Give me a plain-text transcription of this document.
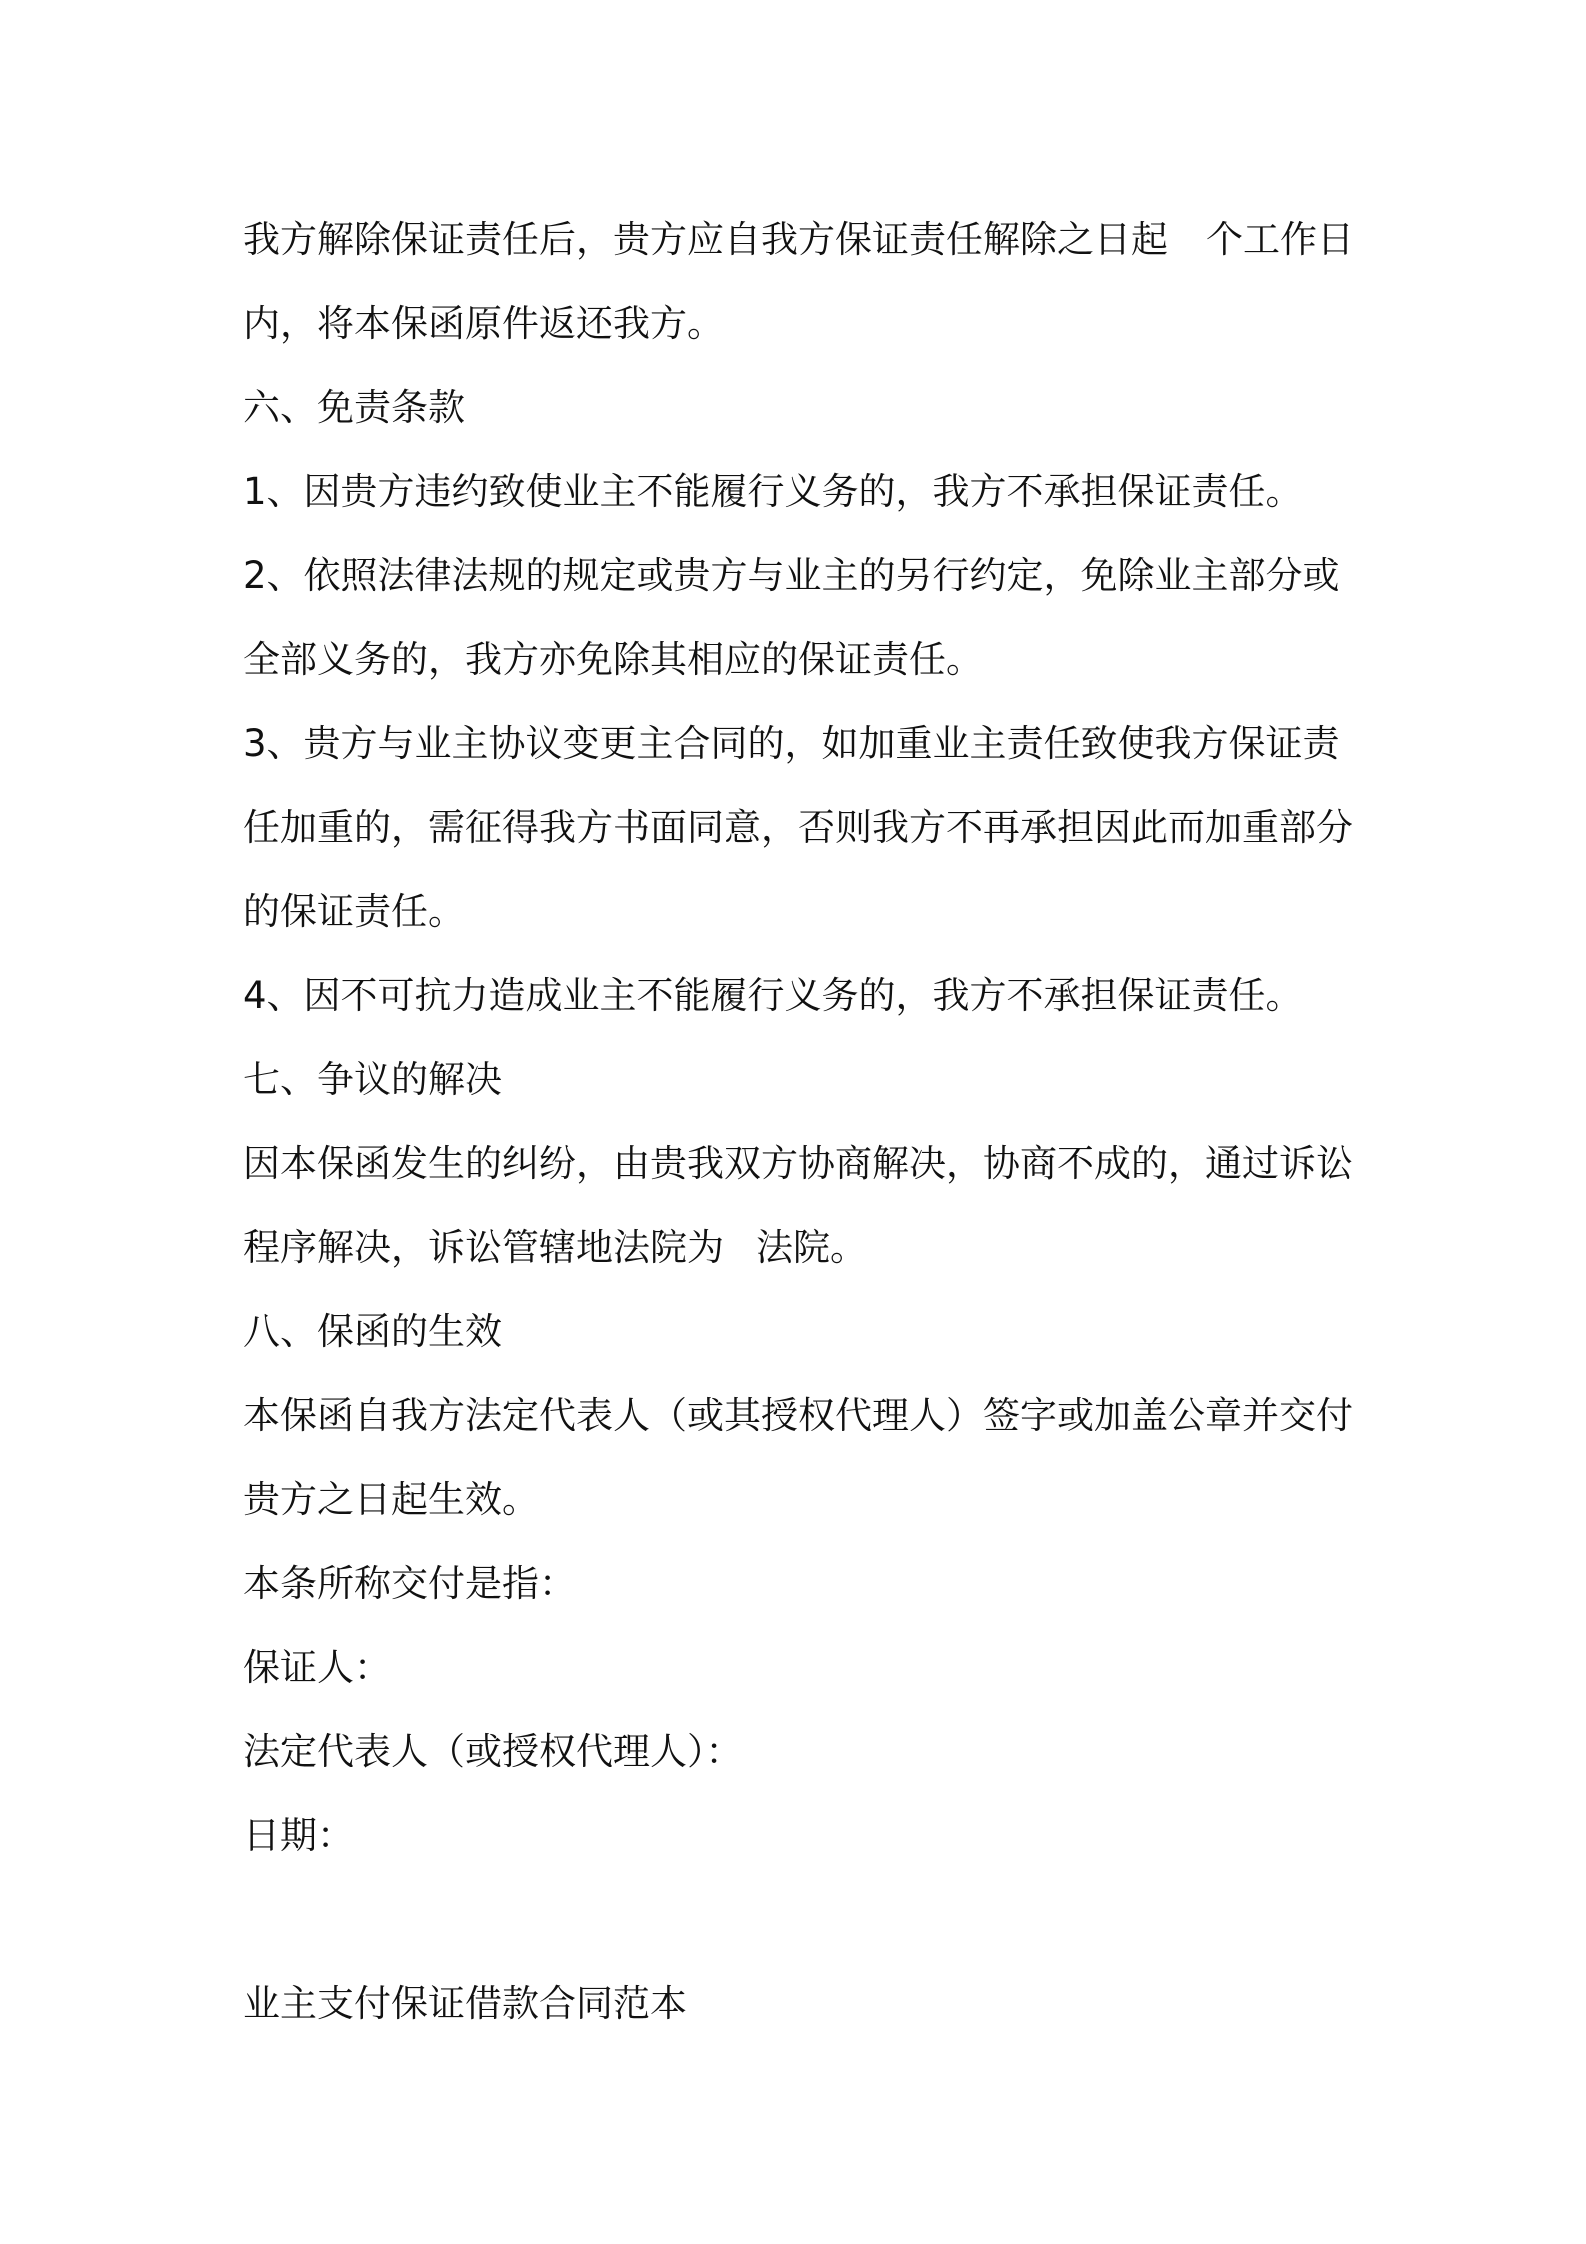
我方解除保证责任后，贵方应自我方保证责任解除之日起 个工作日
内，将本保函原件返还我方。
六、免责条款
1、因贵方违约致使业主不能履行义务的，我方不承担保证责任。
2、依照法律法规的规定或贵方与业主的另行约定，免除业主部分或
全部义务的，我方亦免除其相应的保证责任。
3、贵方与业主协议变更主合同的，如加重业主责任致使我方保证责
任加重的，需征得我方书面同意，否则我方不再承担因此而加重部分
的保证责任。
4、因不可抗力造成业主不能履行义务的，我方不承担保证责任。
七、争议的解决
因本保函发生的纠纷，由贵我双方协商解决，协商不成的，通过诉讼
程序解决，诉讼管辖地法院为 法院。
八、保函的生效
本保函自我方法定代表人（或其授权代理人）签字或加盖公章并交付
贵方之日起生效。
本条所称交付是指：
保证人：
法定代表人（或授权代理人）：
日期：
业主支付保证借款合同范本
